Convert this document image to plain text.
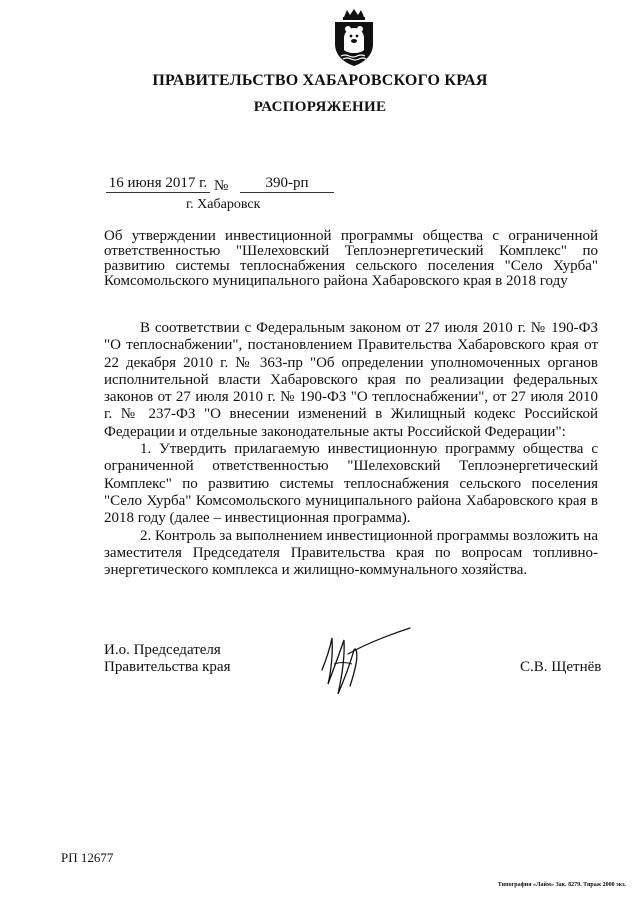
ПРАВИТЕЛЬСТВО ХАБАРОВСКОГО КРАЯ
РАСПОРЯЖЕНИЕ
16 июня 2017 г. №	390-рп
г. Хабаровск
Об утверждении инвестиционной программы общества с ограниченной ответственностью "Шелеховский Теплоэнергетический Комплекс" по развитию системы теплоснабжения сельского поселения "Село Хурба" Комсомольского муниципального района Хабаровского края в 2018 году

В соответствии с Федеральным законом от 27 июля 2010 г. № 190-ФЗ "О теплоснабжении", постановлением Правительства Хабаровского края от 22 декабря 2010 г. № 363-пр "Об определении уполномоченных органов исполнительной власти Хабаровского края по реализации федеральных законов от 27 июля 2010 г. № 190-ФЗ "О теплоснабжении", от 27 июля 2010 г. № 237-ФЗ "О внесении изменений в Жилищный кодекс Российской Федерации и отдельные законодательные акты Российской Федерации":

1. Утвердить прилагаемую инвестиционную программу общества с ограниченной ответственностью "Шелеховский Теплоэнергетический Комплекс" по развитию системы теплоснабжения сельского поселения "Село Хурба" Комсомольского муниципального района Хабаровского края в 2018 году (далее – инвестиционная программа).

2. Контроль за выполнением инвестиционной программы возложить на заместителя Председателя Правительства края по вопросам топливно-энергетического комплекса и жилищно-коммунального хозяйства.

И.о. Председателя
Правительства края	С.В. Щетнёв
РП 12677
Типография «Лайм» Зак. 8279. Тираж 2000 экз.
